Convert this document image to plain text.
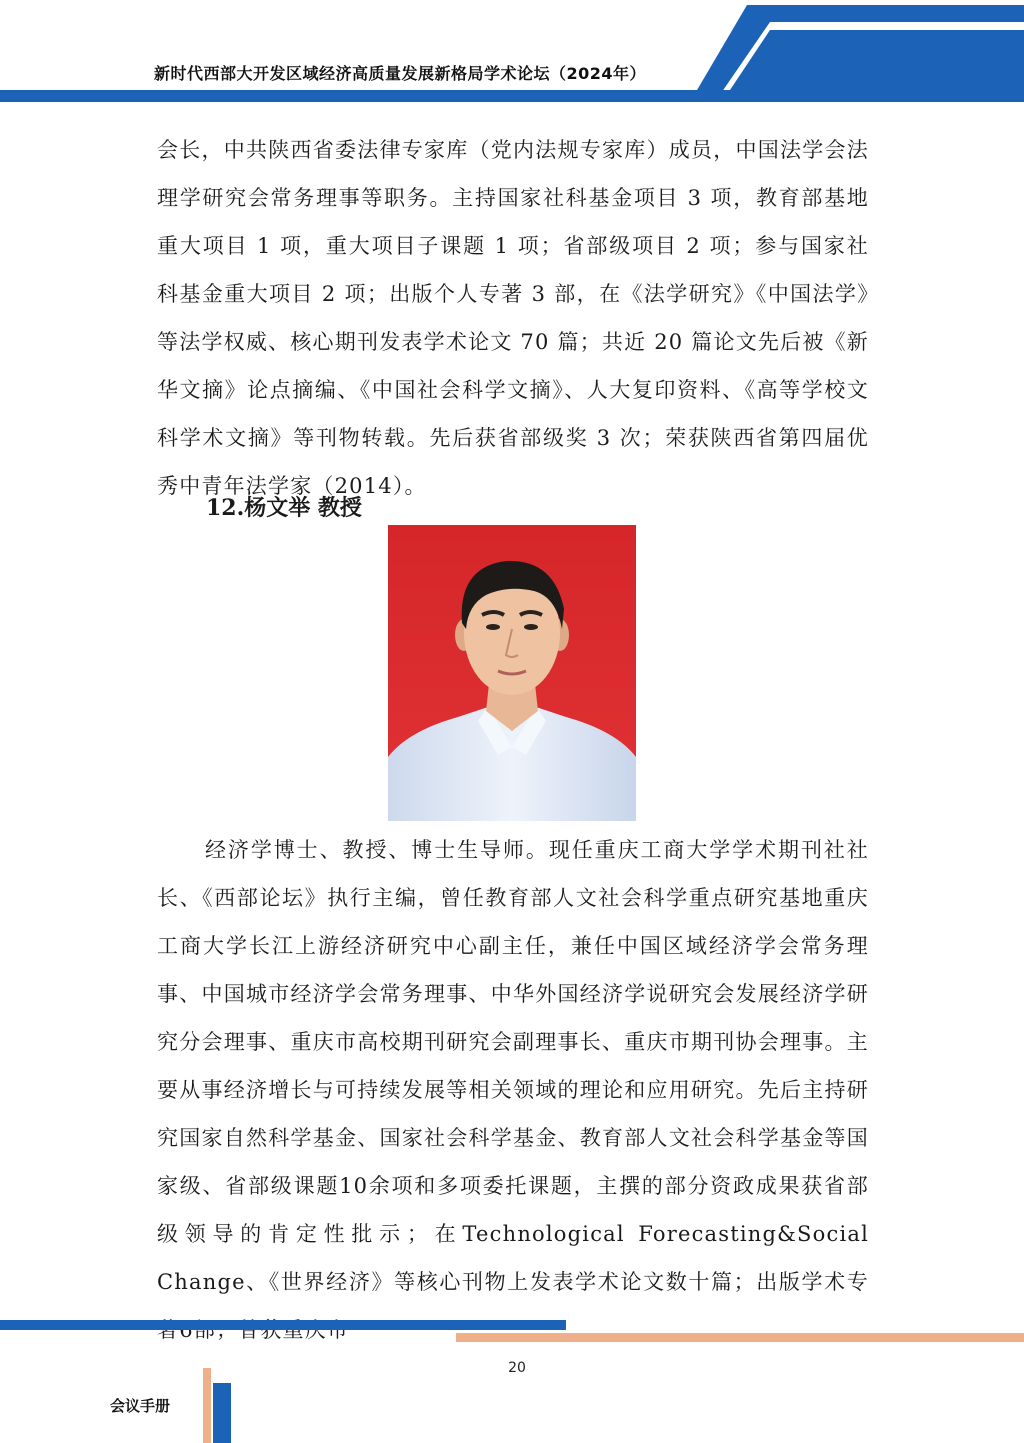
新时代西部大开发区域经济高质量发展新格局学术论坛（2024年）

会长，中共陕西省委法律专家库（党内法规专家库）成员，中国法学会法理学研究会常务理事等职务。主持国家社科基金项目 3 项，教育部基地重大项目 1 项，重大项目子课题 1 项；省部级项目 2 项；参与国家社科基金重大项目 2 项；出版个人专著 3 部，在《法学研究》《中国法学》等法学权威、核心期刊发表学术论文 70 篇；共近 20 篇论文先后被《新华文摘》论点摘编、《中国社会科学文摘》、人大复印资料、《高等学校文科学术文摘》等刊物转载。先后获省部级奖 3 次；荣获陕西省第四届优秀中青年法学家（2014）。

12.杨文举 教授

经济学博士、教授、博士生导师。现任重庆工商大学学术期刊社社长、《西部论坛》执行主编，曾任教育部人文社会科学重点研究基地重庆工商大学长江上游经济研究中心副主任，兼任中国区域经济学会常务理事、中国城市经济学会常务理事、中华外国经济学说研究会发展经济学研究分会理事、重庆市高校期刊研究会副理事长、重庆市期刊协会理事。主要从事经济增长与可持续发展等相关领域的理论和应用研究。先后主持研究国家自然科学基金、国家社会科学基金、教育部人文社会科学基金等国家级、省部级课题10余项和多项委托课题，主撰的部分资政成果获省部级领导的肯定性批示；在Technological Forecasting&Social Change、《世界经济》等核心刊物上发表学术论文数十篇；出版学术专

20
会议手册
